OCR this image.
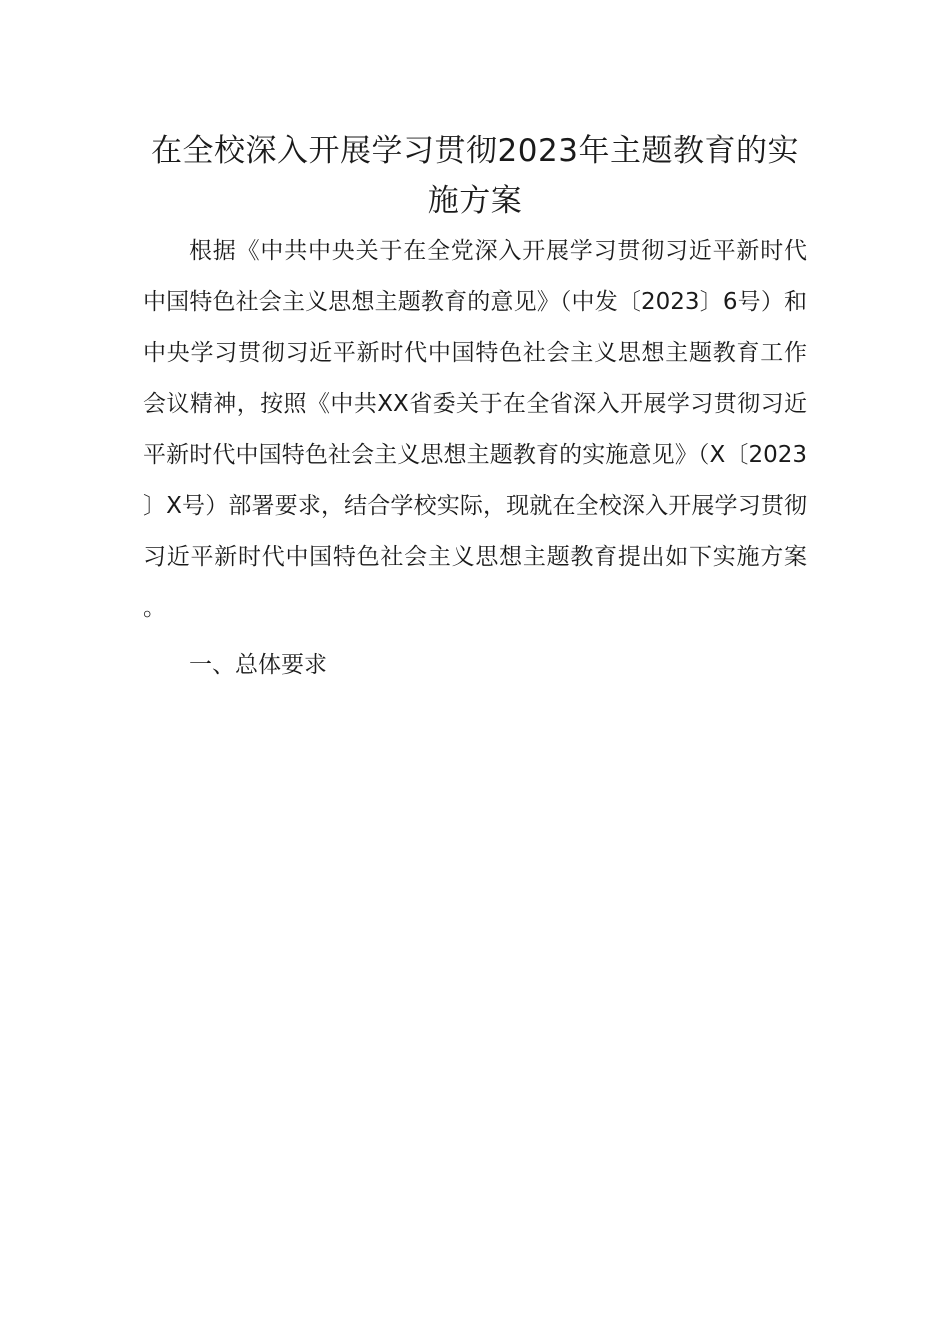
在全校深入开展学习贯彻2023年主题教育的实施方案

根据《中共中央关于在全党深入开展学习贯彻习近平新时代中国特色社会主义思想主题教育的意见》（中发〔2023〕6号）和中央学习贯彻习近平新时代中国特色社会主义思想主题教育工作会议精神，按照《中共XX省委关于在全省深入开展学习贯彻习近平新时代中国特色社会主义思想主题教育的实施意见》（X〔2023〕X号）部署要求，结合学校实际，现就在全校深入开展学习贯彻习近平新时代中国特色社会主义思想主题教育提出如下实施方案。

一、总体要求
